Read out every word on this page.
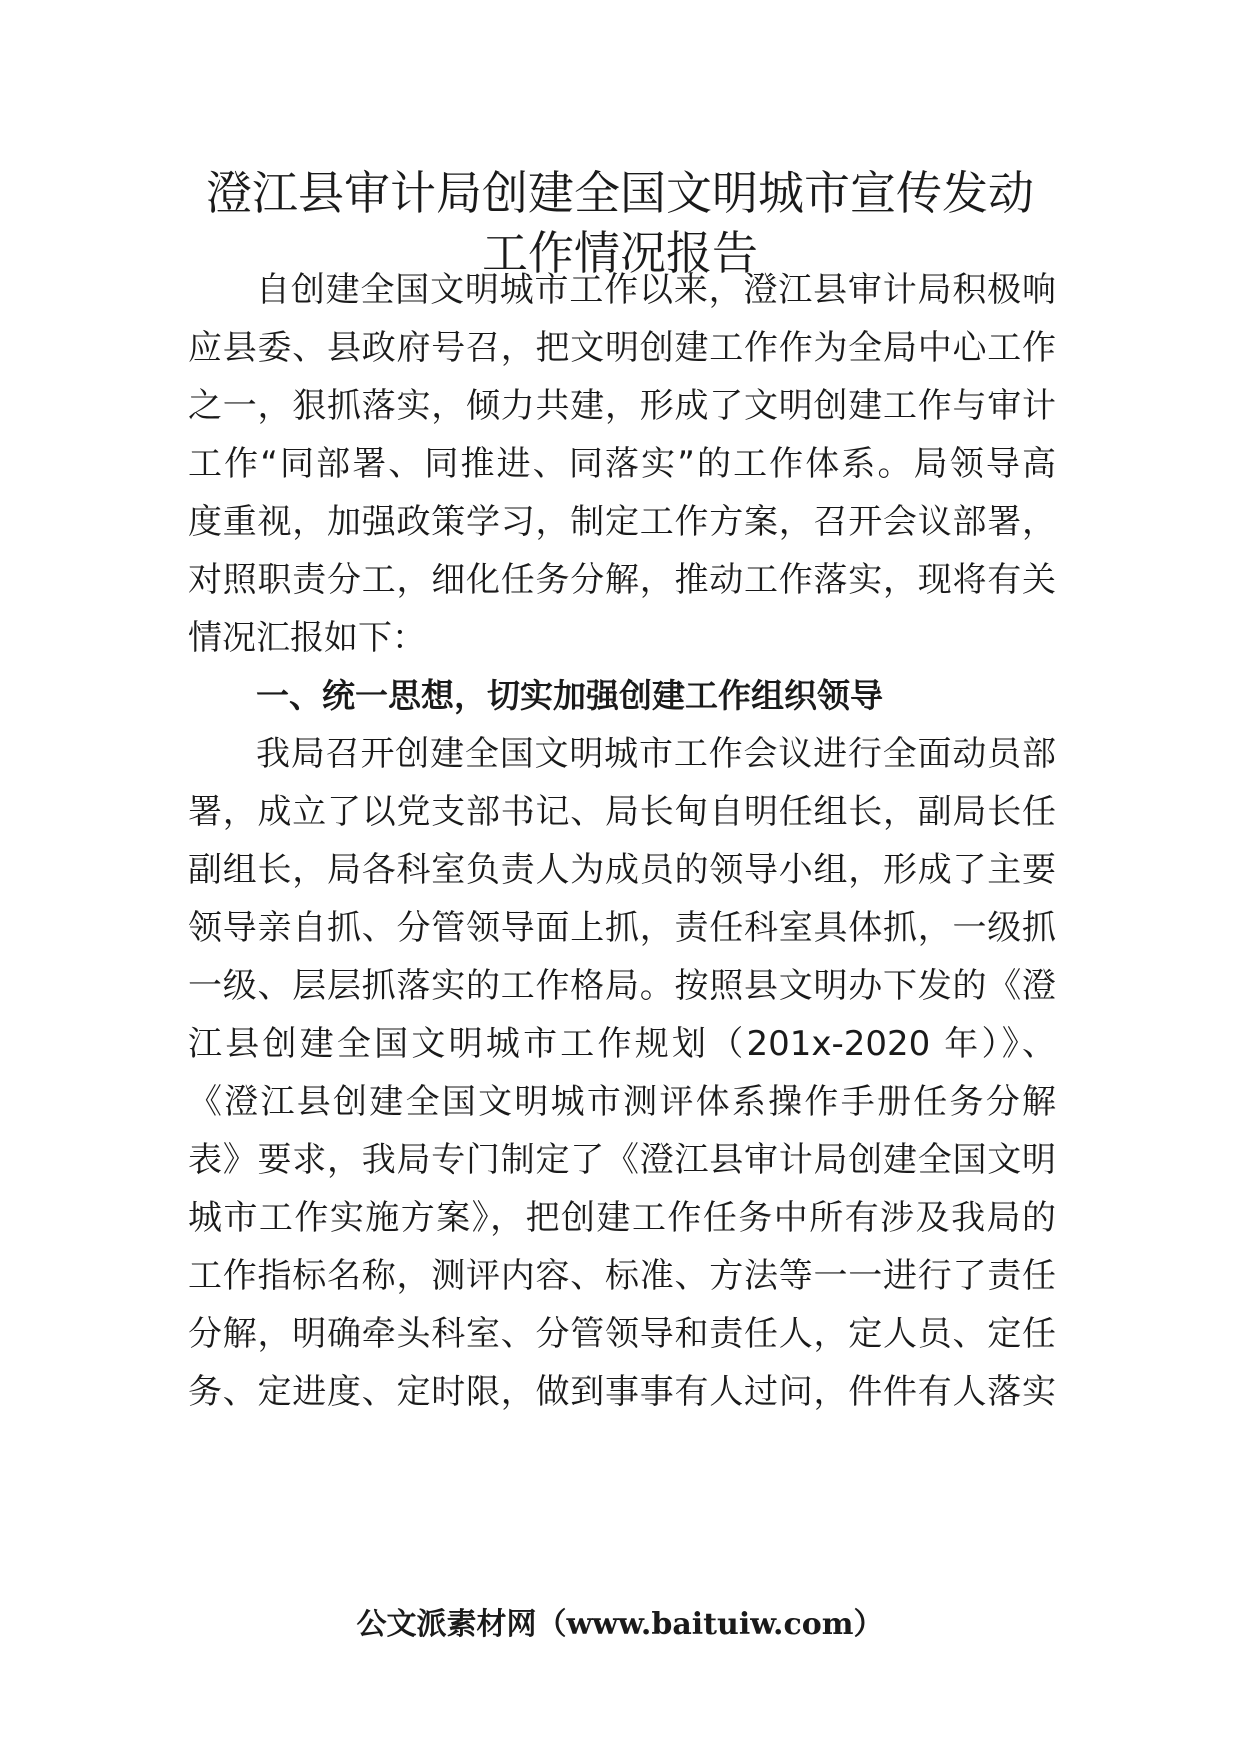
澄江县审计局创建全国文明城市宣传发动
工作情况报告
自创建全国文明城市工作以来，澄江县审计局积极响
应县委、县政府号召，把文明创建工作作为全局中心工作
之一，狠抓落实，倾力共建，形成了文明创建工作与审计
工作“同部署、同推进、同落实”的工作体系。局领导高
度重视，加强政策学习，制定工作方案，召开会议部署，
对照职责分工，细化任务分解，推动工作落实，现将有关
情况汇报如下：
一、统一思想，切实加强创建工作组织领导
我局召开创建全国文明城市工作会议进行全面动员部
署，成立了以党支部书记、局长甸自明任组长，副局长任
副组长，局各科室负责人为成员的领导小组，形成了主要
领导亲自抓、分管领导面上抓，责任科室具体抓，一级抓
一级、层层抓落实的工作格局。按照县文明办下发的《澄
江县创建全国文明城市工作规划（201x-2020 年）》、
《澄江县创建全国文明城市测评体系操作手册任务分解
表》要求，我局专门制定了《澄江县审计局创建全国文明
城市工作实施方案》，把创建工作任务中所有涉及我局的
工作指标名称，测评内容、标准、方法等一一进行了责任
分解，明确牵头科室、分管领导和责任人，定人员、定任
务、定进度、定时限，做到事事有人过问，件件有人落实
公文派素材网（www.baituiw.com）
